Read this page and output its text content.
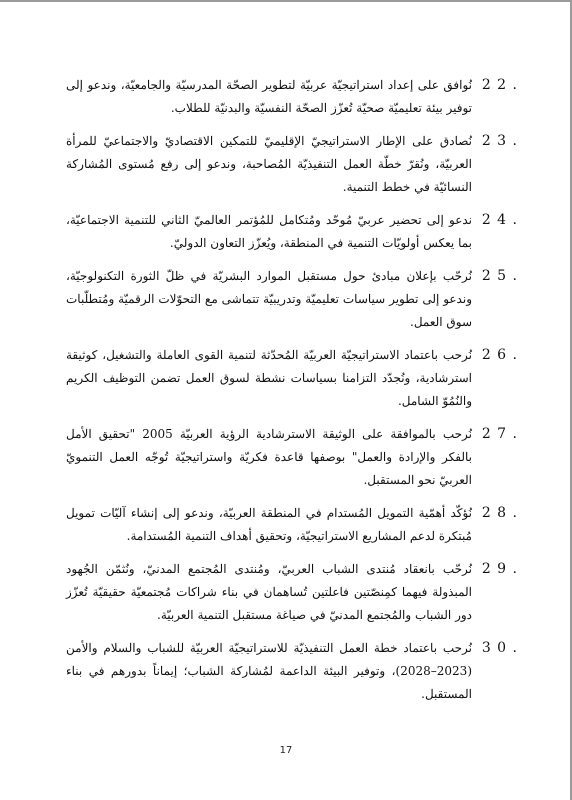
2 2 .
نُوافق على إعداد استراتيجيّة عربيّة لتطوير الصحّة المدرسيّة والجامعيّة، وندعو إلى توفير بيئة تعليميّة صحيّة تُعزّز الصحّة النفسيّة والبدنيّة للطلاب.
2 3 .
نُصادق على الإطار الاستراتيجيّ الإقليميّ للتمكين الاقتصاديّ والاجتماعيّ للمرأة العربيّة، ونُقرّ خطّة العمل التنفيذيّة المُصاحبة، وندعو إلى رفع مُستوى المُشاركة النسائيّة في خطط التنمية.
2 4 .
ندعو إلى تحضير عربيّ مُوحّد ومُتكامل للمُؤتمر العالميّ الثاني للتنمية الاجتماعيّة، بما يعكس أولويّات التنمية في المنطقة، ويُعزّز التعاون الدوليّ.
2 5 .
نُرحّب بإعلان مبادئ حول مستقبل الموارد البشريّة في ظلّ الثورة التكنولوجيّة، وندعو إلى تطوير سياسات تعليميّة وتدريبيّة تتماشى مع التحوّلات الرقميّة ومُتطلّبات سوق العمل.
2 6 .
نُرحب باعتماد الاستراتيجيّة العربيّة المُحدّثة لتنمية القوى العاملة والتشغيل، كوثيقة استرشادية، ونُجدّد التزامنا بسياسات نشطة لسوق العمل تضمن التوظيف الكريم والنُمُوّ الشامل.
2 7 .
نُرحب بالموافقة على الوثيقة الاسترشادية الرؤية العربيّة 2005 "تحقيق الأمل بالفكر والإرادة والعمل" بوصفها قاعدة فكريّة واستراتيجيّة تُوجّه العمل التنمويّ العربيّ نحو المستقبل.
2 8 .
نُؤكّد أهمّية التمويل المُستدام في المنطقة العربيّة، وندعو إلى إنشاء آليّات تمويل مُبتكرة لدعم المشاريع الاستراتيجيّة، وتحقيق أهداف التنمية المُستدامة.
2 9 .
نُرحّب بانعقاد مُنتدى الشباب العربيّ، ومُنتدى المُجتمع المدنيّ، ونُثمّن الجُهود المبذولة فيهما كمِنصّتين فاعلتين تُساهمان في بناء شراكات مُجتمعيّة حقيقيّة تُعزّز دور الشباب والمُجتمع المدنيّ في صياغة مستقبل التنمية العربيّة.
3 0 .
نُرحب باعتماد خطة العمل التنفيذيّة للاستراتيجيّة العربيّة للشباب والسلام والأمن (2023–2028)، وتوفير البيئة الداعمة لمُشاركة الشباب؛ إيماناً بدورهم في بناء المستقبل.
17
